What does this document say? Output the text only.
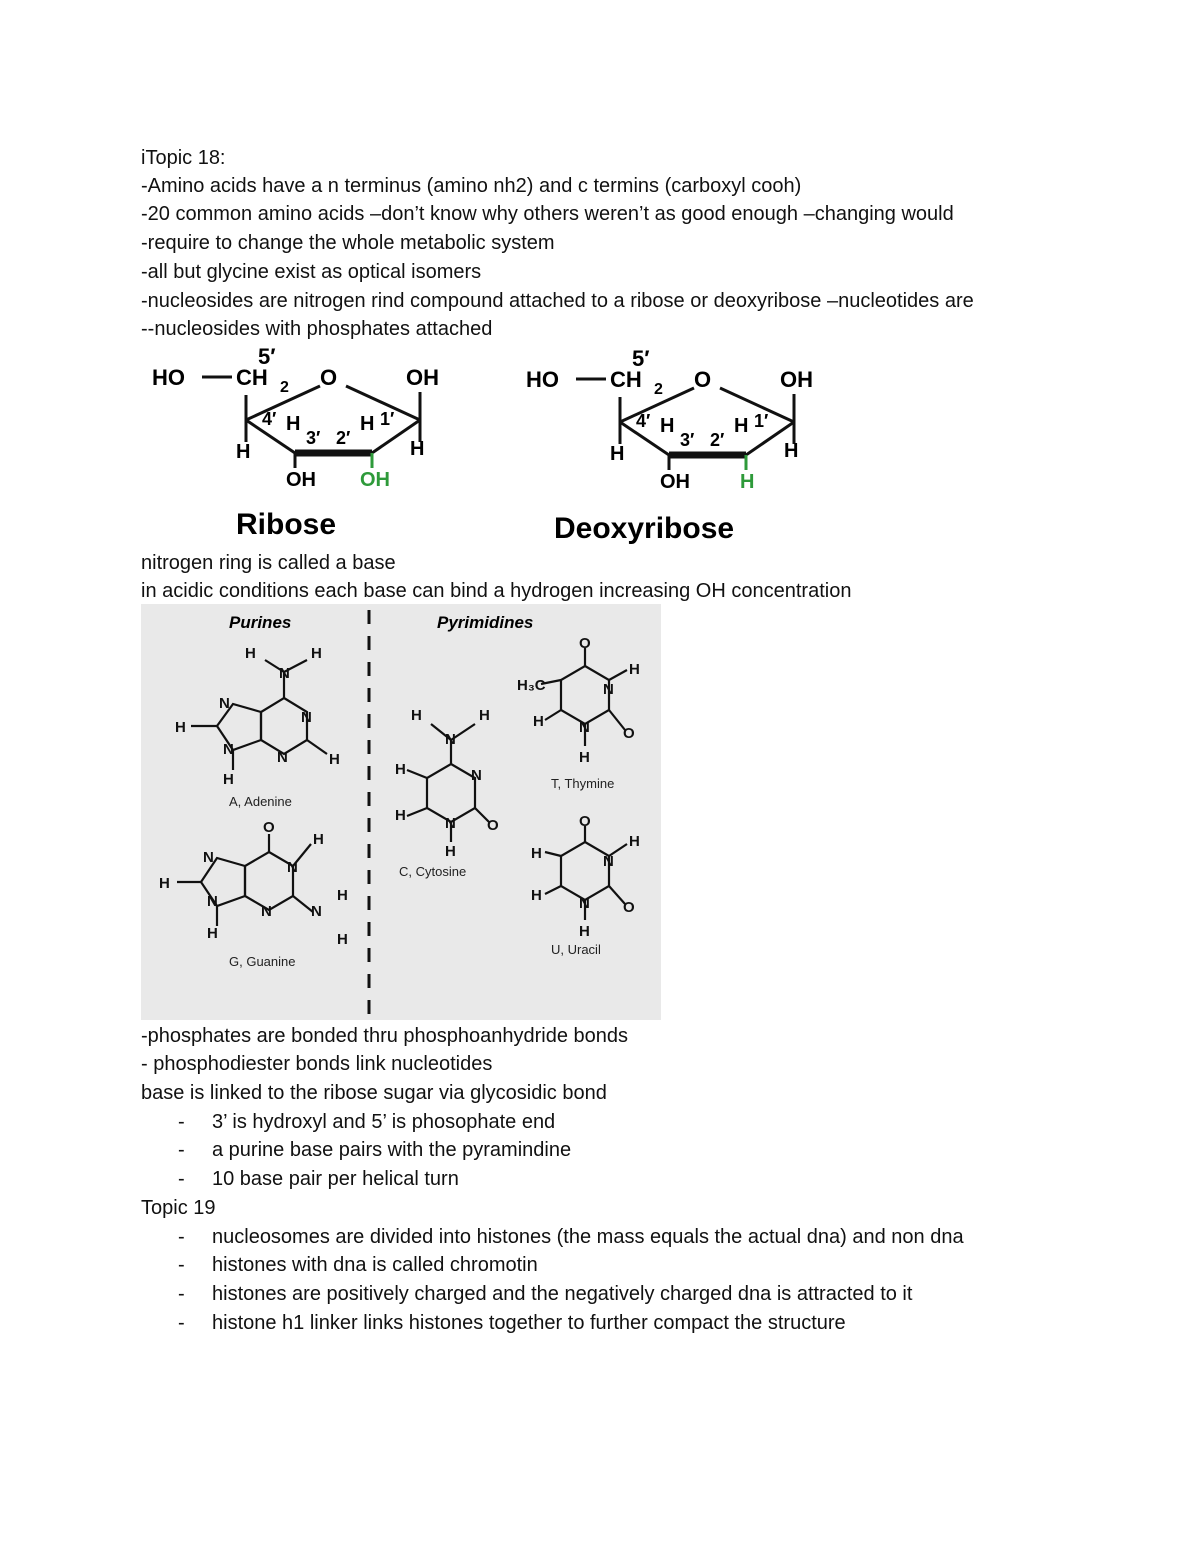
iTopic 18:
-Amino acids have a n terminus (amino nh2) and c termins (carboxyl cooh)
-20 common amino acids –don’t know why others weren’t as good enough –changing would
-require to change the whole metabolic system
-all but glycine exist as optical isomers
-nucleosides are nitrogen rind compound attached to a ribose or deoxyribose –nucleotides are
--nucleosides with phosphates attached
5′
HO CH 2 O	OH
4′ H
3′ 2′
H 1′
H	H
OH OH
Ribose
5′
HO CH 2 O	OH
4′ H
3′ 2′
H 1′
H	H
OH	H
Deoxyribose
nitrogen ring is called a base
in acidic conditions each base can bind a hydrogen increasing OH concentration
Purines	Pyrimidines
H
N
H
N
N
H
N	N	H
H
O
H
N
N
H
N
N	N
H
H
H
H
N
H
N
H
H	N O
H
O
H₃C	N
H
H N O
H
O
H
H	N
H N O
H
A, Adenine
G, Guanine
C, Cytosine
T, Thymine
U, Uracil
-phosphates are bonded thru phosphoanhydride bonds
- phosphodiester bonds link nucleotides
base is linked to the ribose sugar via glycosidic bond
- 3’ is hydroxyl and 5’ is phosophate end
- a purine base pairs with the pyramindine
- 10 base pair per helical turn
Topic 19
- nucleosomes are divided into histones (the mass equals the actual dna) and non dna
- histones with dna is called chromotin
- histones are positively charged and the negatively charged dna is attracted to it
- histone h1 linker links histones together to further compact the structure
